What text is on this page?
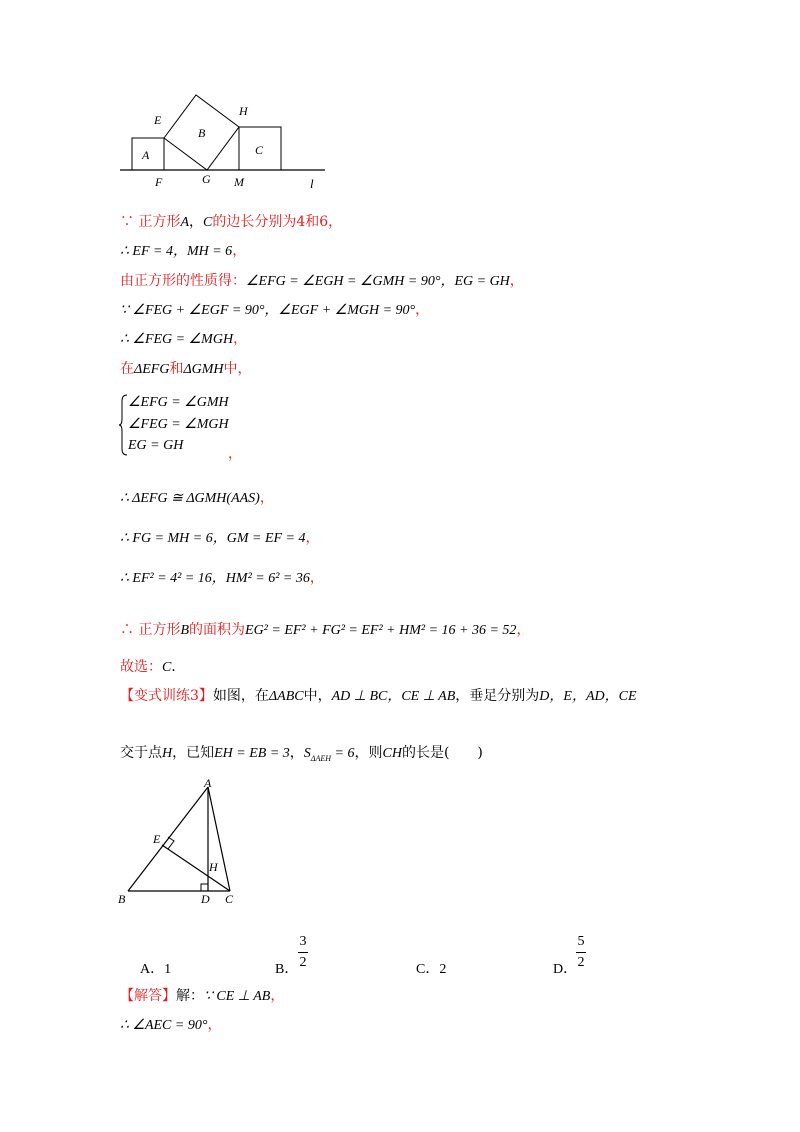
A
B
C
E
H
F	G M	l
∵ 正方形A，C的边长分别为4和6，
∴ EF = 4，MH = 6，
由正方形的性质得：∠EFG = ∠EGH = ∠GMH = 90°，EG = GH，
∵ ∠FEG + ∠EGF = 90°，∠EGF + ∠MGH = 90°，
∴ ∠FEG = ∠MGH，
在ΔEFG和ΔGMH中，
∠EFG = ∠GMH
∠FEG = ∠MGH
EG = GH
，
∴ ΔEFG ≅ ΔGMH(AAS)，
∴ FG = MH = 6，GM = EF = 4，
∴ EF² = 4² = 16，HM² = 6² = 36，
∴ 正方形B的面积为EG² = EF² + FG² = EF² + HM² = 16 + 36 = 52，
故选：C．
【变式训练3】如图，在ΔABC中，AD ⊥ BC，CE ⊥ AB，垂足分别为D，E，AD，CE
交于点H，已知EH = EB = 3，$S_{\Delta AEH} = 6$，则CH的长是(　　)
A
B	C
D
E
H
A．1	B．
3
2	C．2	D．
5
2
【解答】解：∵ CE ⊥ AB，
∴ ∠AEC = 90°，
